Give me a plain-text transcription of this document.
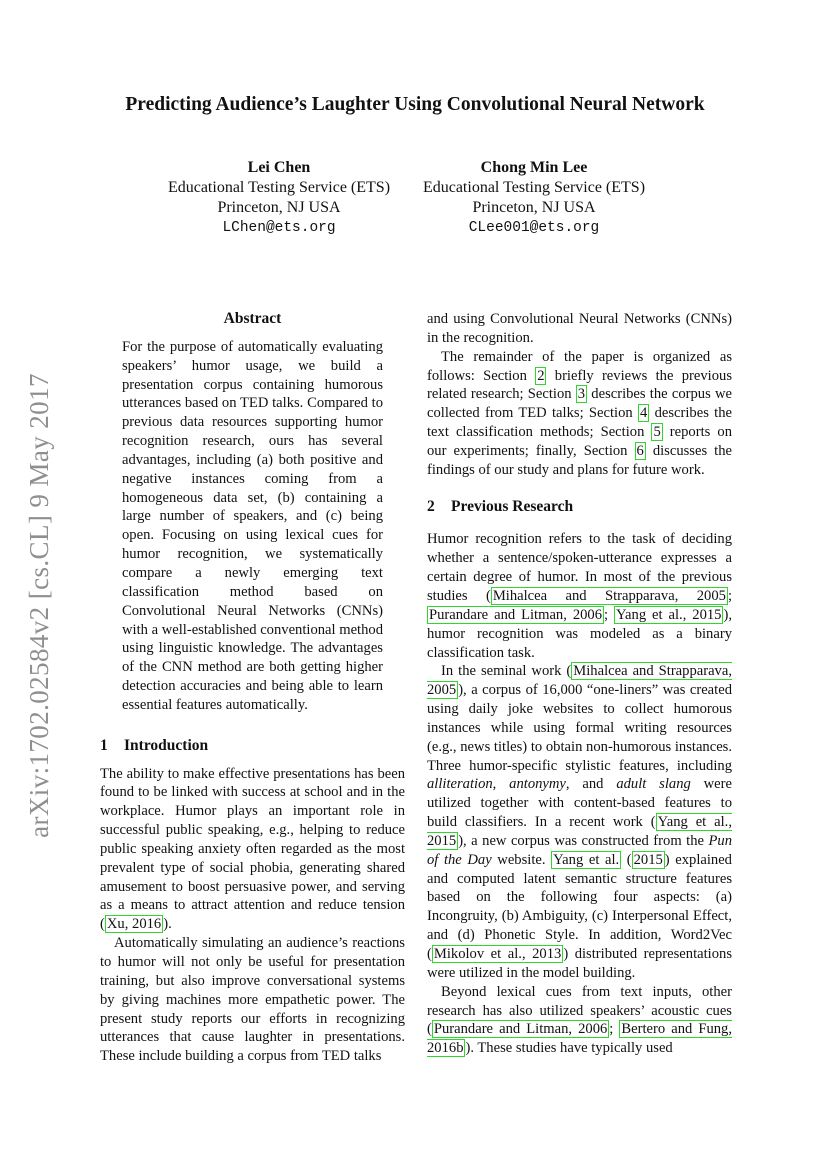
arXiv:1702.02584v2 [cs.CL] 9 May 2017
Predicting Audience’s Laughter Using Convolutional Neural Network
Lei Chen
Educational Testing Service (ETS)
Princeton, NJ USA
LChen@ets.org
Chong Min Lee
Educational Testing Service (ETS)
Princeton, NJ USA
CLee001@ets.org
Abstract

For the purpose of automatically evaluating speakers’ humor usage, we build a presentation corpus containing humorous utterances based on TED talks. Compared to previous data resources supporting humor recognition research, ours has several advantages, including (a) both positive and negative instances coming from a homogeneous data set, (b) containing a large number of speakers, and (c) being open. Focusing on using lexical cues for humor recognition, we systematically compare a newly emerging text classification method based on Convolutional Neural Networks (CNNs) with a well-established conventional method using linguistic knowledge. The advantages of the CNN method are both getting higher detection accuracies and being able to learn essential features automatically.

1 Introduction

The ability to make effective presentations has been found to be linked with success at school and in the workplace. Humor plays an important role in successful public speaking, e.g., helping to reduce public speaking anxiety often regarded as the most prevalent type of social phobia, generating shared amusement to boost persuasive power, and serving as a means to attract attention and reduce tension ( Xu, 2016 ).

Automatically simulating an audience’s reactions to humor will not only be useful for presentation training, but also improve conversational systems by giving machines more empathetic power. The present study reports our efforts in recognizing utterances that cause laughter in presentations. These include building a corpus from TED talks

and using Convolutional Neural Networks (CNNs) in the recognition.

The remainder of the paper is organized as follows: Section 2 briefly reviews the previous related research; Section 3 describes the corpus we collected from TED talks; Section 4 describes the text classification methods; Section 5 reports on our experiments; finally, Section 6 discusses the findings of our study and plans for future work.

2 Previous Research

Humor recognition refers to the task of deciding whether a sentence/spoken-utterance expresses a certain degree of humor. In most of the previous studies ( Mihalcea and Strapparava, 2005 ; Purandare and Litman, 2006 ; Yang et al., 2015 ), humor recognition was modeled as a binary classification task.

In the seminal work ( Mihalcea and Strapparava, 2005 ), a corpus of 16,000 “one-liners” was created using daily joke websites to collect humorous instances while using formal writing resources (e.g., news titles) to obtain non-humorous instances. Three humor-specific stylistic features, including alliteration, antonymy, and adult slang were utilized together with content-based features to build classifiers. In a recent work ( Yang et al., 2015 ), a new corpus was constructed from the Pun of the Day website. Yang et al. ( 2015 ) explained and computed latent semantic structure features based on the following four aspects: (a) Incongruity, (b) Ambiguity, (c) Interpersonal Effect, and (d) Phonetic Style. In addition, Word2Vec ( Mikolov et al., 2013 ) distributed representations were utilized in the model building.

Beyond lexical cues from text inputs, other research has also utilized speakers’ acoustic cues ( Purandare and Litman, 2006 ; Bertero and Fung, 2016b ). These studies have typically used
